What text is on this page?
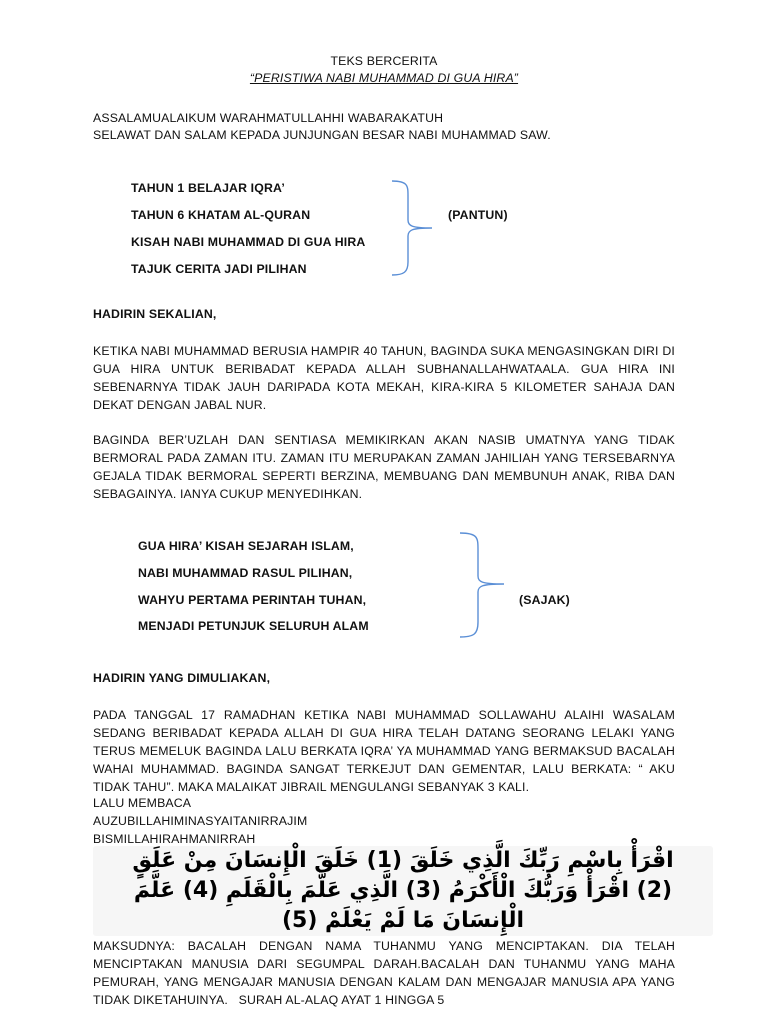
TEKS BERCERITA
“PERISTIWA NABI MUHAMMAD DI GUA HIRA”
ASSALAMUALAIKUM WARAHMATULLAHHI WABARAKATUH
SELAWAT DAN SALAM KEPADA JUNJUNGAN BESAR NABI MUHAMMAD SAW.
TAHUN 1 BELAJAR IQRA’
TAHUN 6 KHATAM AL-QURAN
KISAH NABI MUHAMMAD DI GUA HIRA
TAJUK CERITA JADI PILIHAN
(PANTUN)
HADIRIN SEKALIAN,
KETIKA NABI MUHAMMAD BERUSIA HAMPIR 40 TAHUN, BAGINDA SUKA MENGASINGKAN DIRI DI GUA HIRA UNTUK BERIBADAT KEPADA ALLAH SUBHANALLAHWATAALA. GUA HIRA INI SEBENARNYA TIDAK JAUH DARIPADA KOTA MEKAH, KIRA-KIRA 5 KILOMETER SAHAJA DAN DEKAT DENGAN JABAL NUR.
BAGINDA BER’UZLAH DAN SENTIASA MEMIKIRKAN AKAN NASIB UMATNYA YANG TIDAK BERMORAL PADA ZAMAN ITU. ZAMAN ITU MERUPAKAN ZAMAN JAHILIAH YANG TERSEBARNYA GEJALA TIDAK BERMORAL SEPERTI BERZINA, MEMBUANG DAN MEMBUNUH ANAK, RIBA DAN SEBAGAINYA. IANYA CUKUP MENYEDIHKAN.
GUA HIRA’ KISAH SEJARAH ISLAM,
NABI MUHAMMAD RASUL PILIHAN,
WAHYU PERTAMA PERINTAH TUHAN,
MENJADI PETUNJUK SELURUH ALAM
(SAJAK)
HADIRIN YANG DIMULIAKAN,
PADA TANGGAL 17 RAMADHAN KETIKA NABI MUHAMMAD SOLLAWAHU ALAIHI WASALAM SEDANG BERIBADAT KEPADA ALLAH DI GUA HIRA TELAH DATANG SEORANG LELAKI YANG TERUS MEMELUK BAGINDA LALU BERKATA IQRA’ YA MUHAMMAD YANG BERMAKSUD BACALAH WAHAI MUHAMMAD. BAGINDA SANGAT TERKEJUT DAN GEMENTAR, LALU BERKATA: “ AKU TIDAK TAHU”. MAKA MALAIKAT JIBRAIL MENGULANGI SEBANYAK 3 KALI.
LALU MEMBACA
AUZUBILLAHIMINASYAITANIRRAJIM
BISMILLAHIRAHMANIRRAH
اقْرَأْ بِاسْمِ رَبِّكَ الَّذِي خَلَقَ (1) خَلَقَ الْإِنسَانَ مِنْ عَلَقٍ
(2) اقْرَأْ وَرَبُّكَ الْأَكْرَمُ (3) الَّذِي عَلَّمَ بِالْقَلَمِ (4) عَلَّمَ
الْإِنسَانَ مَا لَمْ يَعْلَمْ (5)
MAKSUDNYA: BACALAH DENGAN NAMA TUHANMU YANG MENCIPTAKAN. DIA TELAH MENCIPTAKAN MANUSIA DARI SEGUMPAL DARAH.BACALAH DAN TUHANMU YANG MAHA PEMURAH, YANG MENGAJAR MANUSIA DENGAN KALAM DAN MENGAJAR MANUSIA APA YANG TIDAK DIKETAHUINYA. SURAH AL-ALAQ AYAT 1 HINGGA 5
